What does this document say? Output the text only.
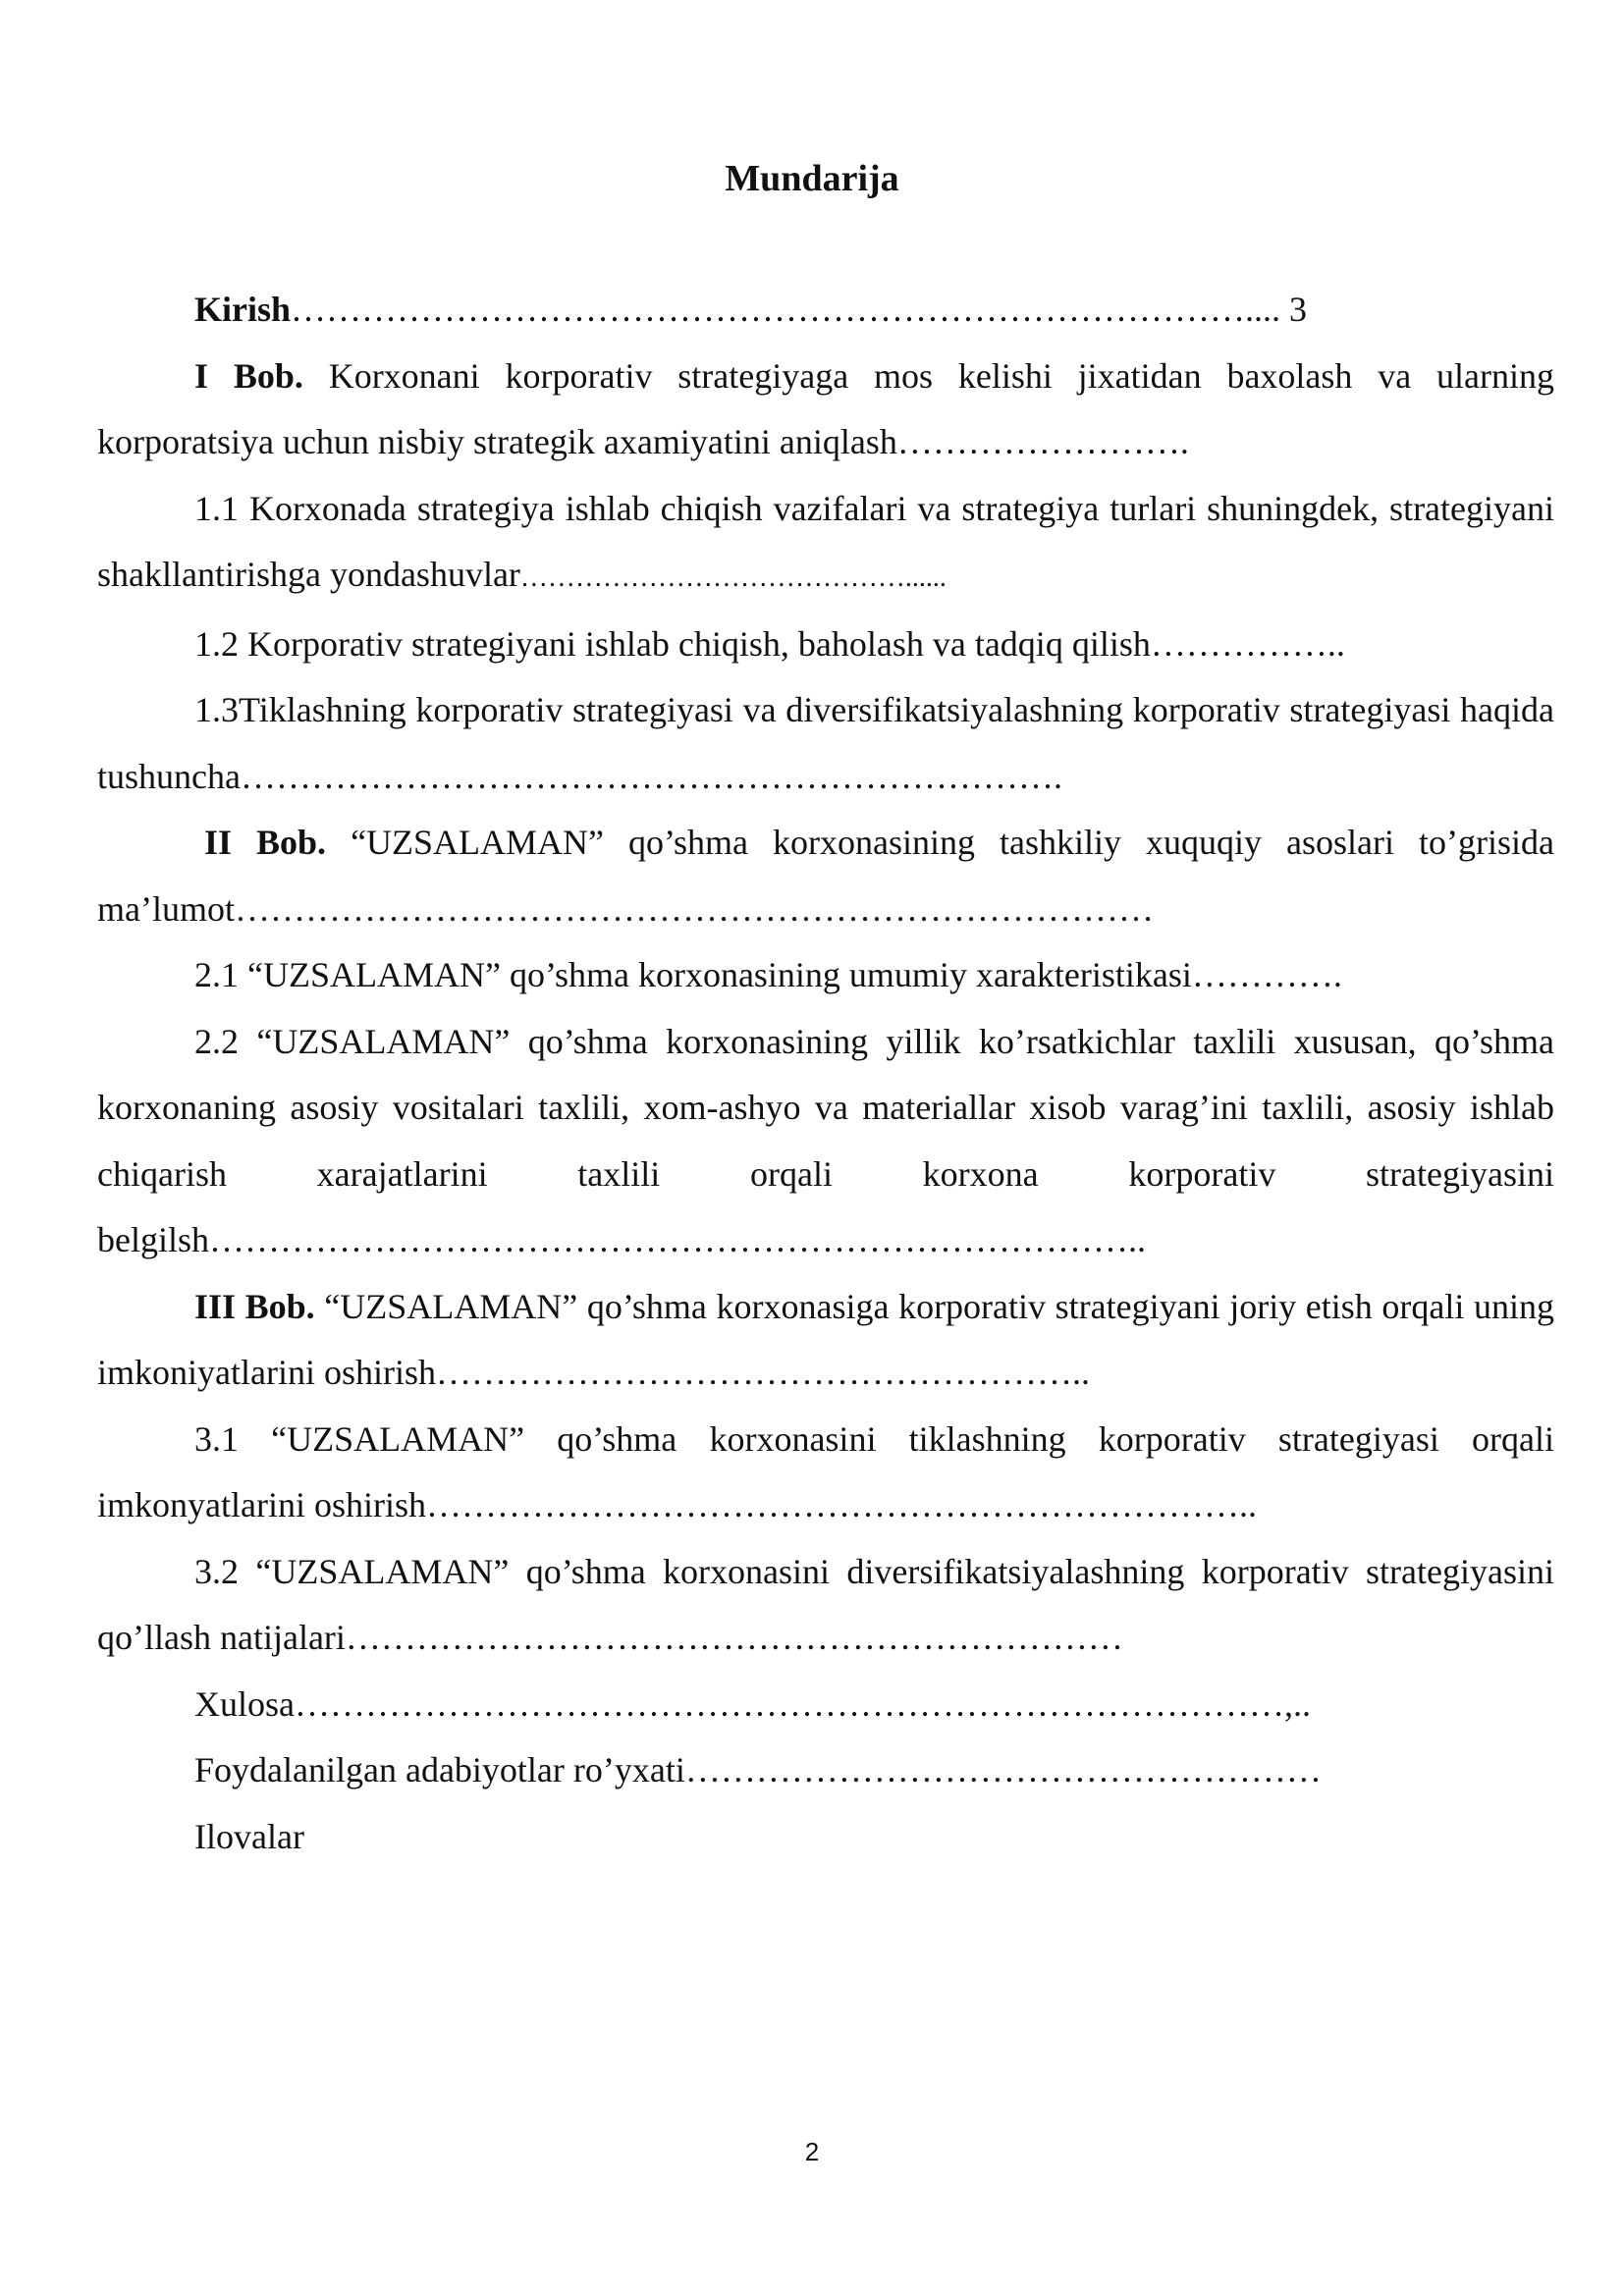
Mundarija

Kirish……………………………………………………………………….... 3

I Bob. Korxonani korporativ strategiyaga mos kelishi jixatidan baxolash va ularning korporatsiya uchun nisbiy strategik axamiyatini aniqlash…………………….

1.1 Korxonada strategiya ishlab chiqish vazifalari va strategiya turlari shuningdek, strategiyani shakllantirishga yondashuvlar……………………………………......

1.2 Korporativ strategiyani ishlab chiqish, baholash va tadqiq qilish……………..

1.3Tiklashning korporativ strategiyasi va diversifikatsiyalashning korporativ strategiyasi haqida tushuncha…………………………………………………………….

II Bob. “UZSALAMAN” qo’shma korxonasining tashkiliy xuquqiy asoslari to’grisida ma’lumot……………………………………………………………………

2.1 “UZSALAMAN” qo’shma korxonasining umumiy xarakteristikasi………….

2.2 “UZSALAMAN” qo’shma korxonasining yillik ko’rsatkichlar taxlili xususan, qo’shma korxonaning asosiy vositalari taxlili, xom-ashyo va materiallar xisob varag’ini taxlili, asosiy ishlab chiqarish xarajatlarini taxlili orqali korxona korporativ strategiyasini belgilsh……………………………………………………………………..

III Bob. “UZSALAMAN” qo’shma korxonasiga korporativ strategiyani joriy etish orqali uning imkoniyatlarini oshirish………………………………………………..

3.1 “UZSALAMAN” qo’shma korxonasini tiklashning korporativ strategiyasi orqali imkonyatlarini oshirish……………………………………………………………..

3.2 “UZSALAMAN” qo’shma korxonasini diversifikatsiyalashning korporativ strategiyasini qo’llash natijalari…………………………………………………………

Xulosa…………………………………………………………………………,..

Foydalanilgan adabiyotlar ro’yxati………………………………………………

Ilovalar

2
